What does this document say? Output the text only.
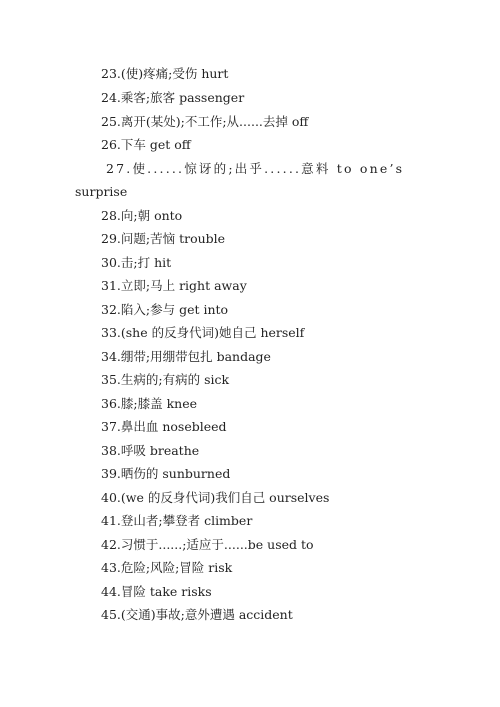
23.(使)疼痛;受伤 hurt
24.乘客;旅客 passenger
25.离开(某处);不工作;从......去掉 off
26.下车 get off
27.使......惊讶的;出乎......意料 to one’s
surprise
28.向;朝 onto
29.问题;苦恼 trouble
30.击;打 hit
31.立即;马上 right away
32.陷入;参与 get into
33.(she 的反身代词)她自己 herself
34.绷带;用绷带包扎 bandage
35.生病的;有病的 sick
36.膝;膝盖 knee
37.鼻出血 nosebleed
38.呼吸 breathe
39.晒伤的 sunburned
40.(we 的反身代词)我们自己 ourselves
41.登山者;攀登者 climber
42.习惯于......;适应于......be used to
43.危险;风险;冒险 risk
44.冒险 take risks
45.(交通)事故;意外遭遇 accident
